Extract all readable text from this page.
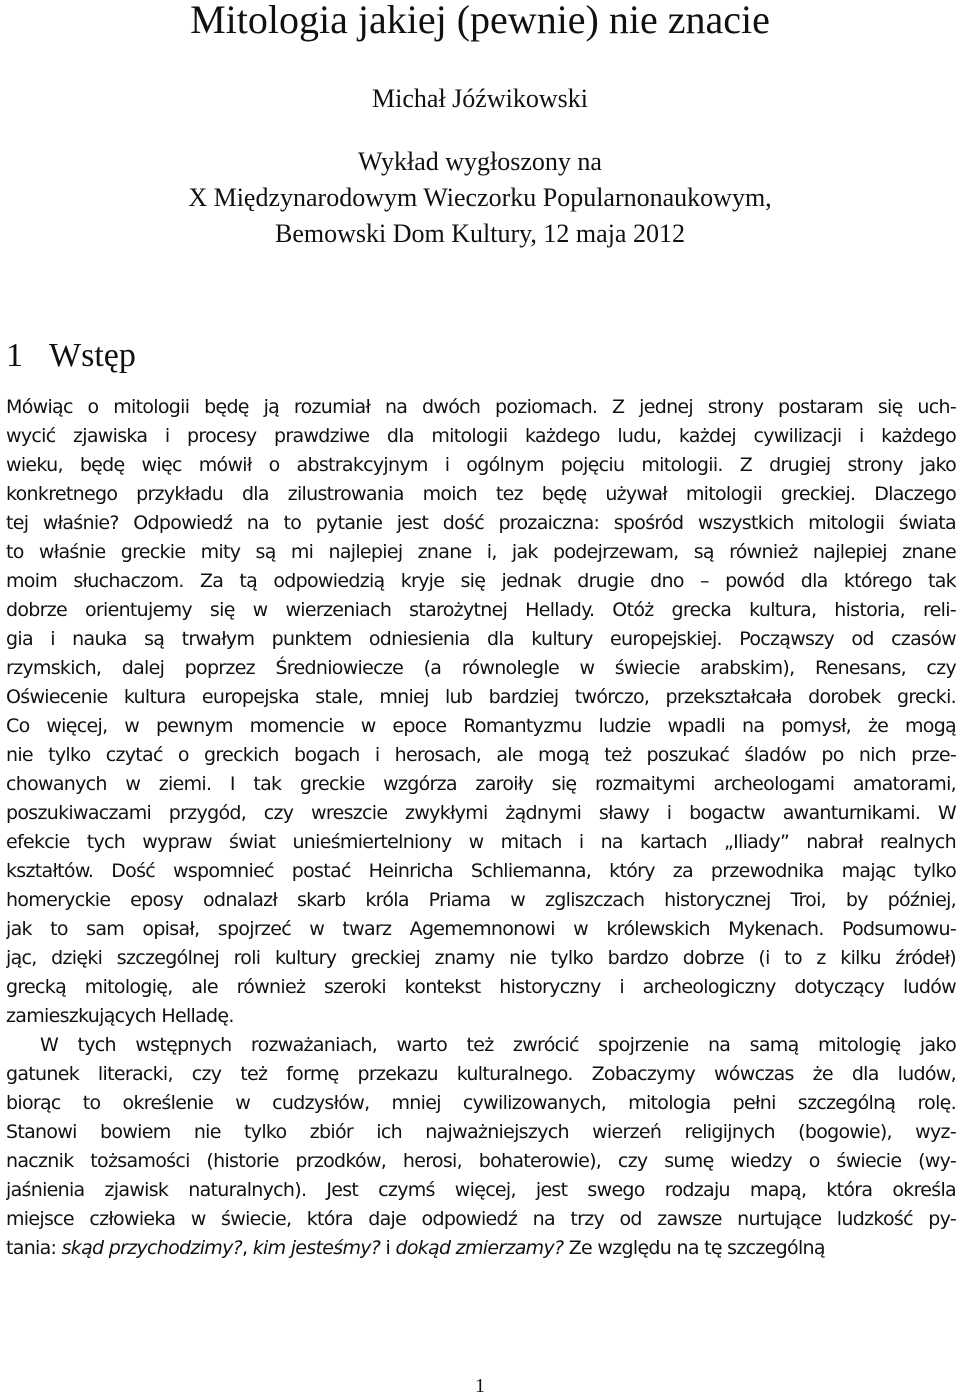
Mitologia jakiej (pewnie) nie znacie
Michał Jóźwikowski
Wykład wygłoszony na
X Międzynarodowym Wieczorku Popularnonaukowym,
Bemowski Dom Kultury, 12 maja 2012
1 Wstęp
Mówiąc o mitologii będę ją rozumiał na dwóch poziomach. Z jednej strony postaram się uch-
wycić zjawiska i procesy prawdziwe dla mitologii każdego ludu, każdej cywilizacji i każdego
wieku, będę więc mówił o abstrakcyjnym i ogólnym pojęciu mitologii. Z drugiej strony jako
konkretnego przykładu dla zilustrowania moich tez będę używał mitologii greckiej. Dlaczego
tej właśnie? Odpowiedź na to pytanie jest dość prozaiczna: spośród wszystkich mitologii świata
to właśnie greckie mity są mi najlepiej znane i, jak podejrzewam, są również najlepiej znane
moim słuchaczom. Za tą odpowiedzią kryje się jednak drugie dno – powód dla którego tak
dobrze orientujemy się w wierzeniach starożytnej Hellady. Otóż grecka kultura, historia, reli-
gia i nauka są trwałym punktem odniesienia dla kultury europejskiej. Począwszy od czasów
rzymskich, dalej poprzez Średniowiecze (a równolegle w świecie arabskim), Renesans, czy
Oświecenie kultura europejska stale, mniej lub bardziej twórczo, przekształcała dorobek grecki.
Co więcej, w pewnym momencie w epoce Romantyzmu ludzie wpadli na pomysł, że mogą
nie tylko czytać o greckich bogach i herosach, ale mogą też poszukać śladów po nich prze-
chowanych w ziemi. I tak greckie wzgórza zaroiły się rozmaitymi archeologami amatorami,
poszukiwaczami przygód, czy wreszcie zwykłymi żądnymi sławy i bogactw awanturnikami. W
efekcie tych wypraw świat unieśmiertelniony w mitach i na kartach „Iliady” nabrał realnych
kształtów. Dość wspomnieć postać Heinricha Schliemanna, który za przewodnika mając tylko
homeryckie eposy odnalazł skarb króla Priama w zgliszczach historycznej Troi, by później,
jak to sam opisał, spojrzeć w twarz Agememnonowi w królewskich Mykenach. Podsumowu-
jąc, dzięki szczególnej roli kultury greckiej znamy nie tylko bardzo dobrze (i to z kilku źródeł)
grecką mitologię, ale również szeroki kontekst historyczny i archeologiczny dotyczący ludów
zamieszkujących Helladę.
W tych wstępnych rozważaniach, warto też zwrócić spojrzenie na samą mitologię jako
gatunek literacki, czy też formę przekazu kulturalnego. Zobaczymy wówczas że dla ludów,
biorąc to określenie w cudzysłów, mniej cywilizowanych, mitologia pełni szczególną rolę.
Stanowi bowiem nie tylko zbiór ich najważniejszych wierzeń religijnych (bogowie), wyz-
nacznik tożsamości (historie przodków, herosi, bohaterowie), czy sumę wiedzy o świecie (wy-
jaśnienia zjawisk naturalnych). Jest czymś więcej, jest swego rodzaju mapą, która określa
miejsce człowieka w świecie, która daje odpowiedź na trzy od zawsze nurtujące ludzkość py-
tania: skąd przychodzimy?, kim jesteśmy? i dokąd zmierzamy? Ze względu na tę szczególną
1
